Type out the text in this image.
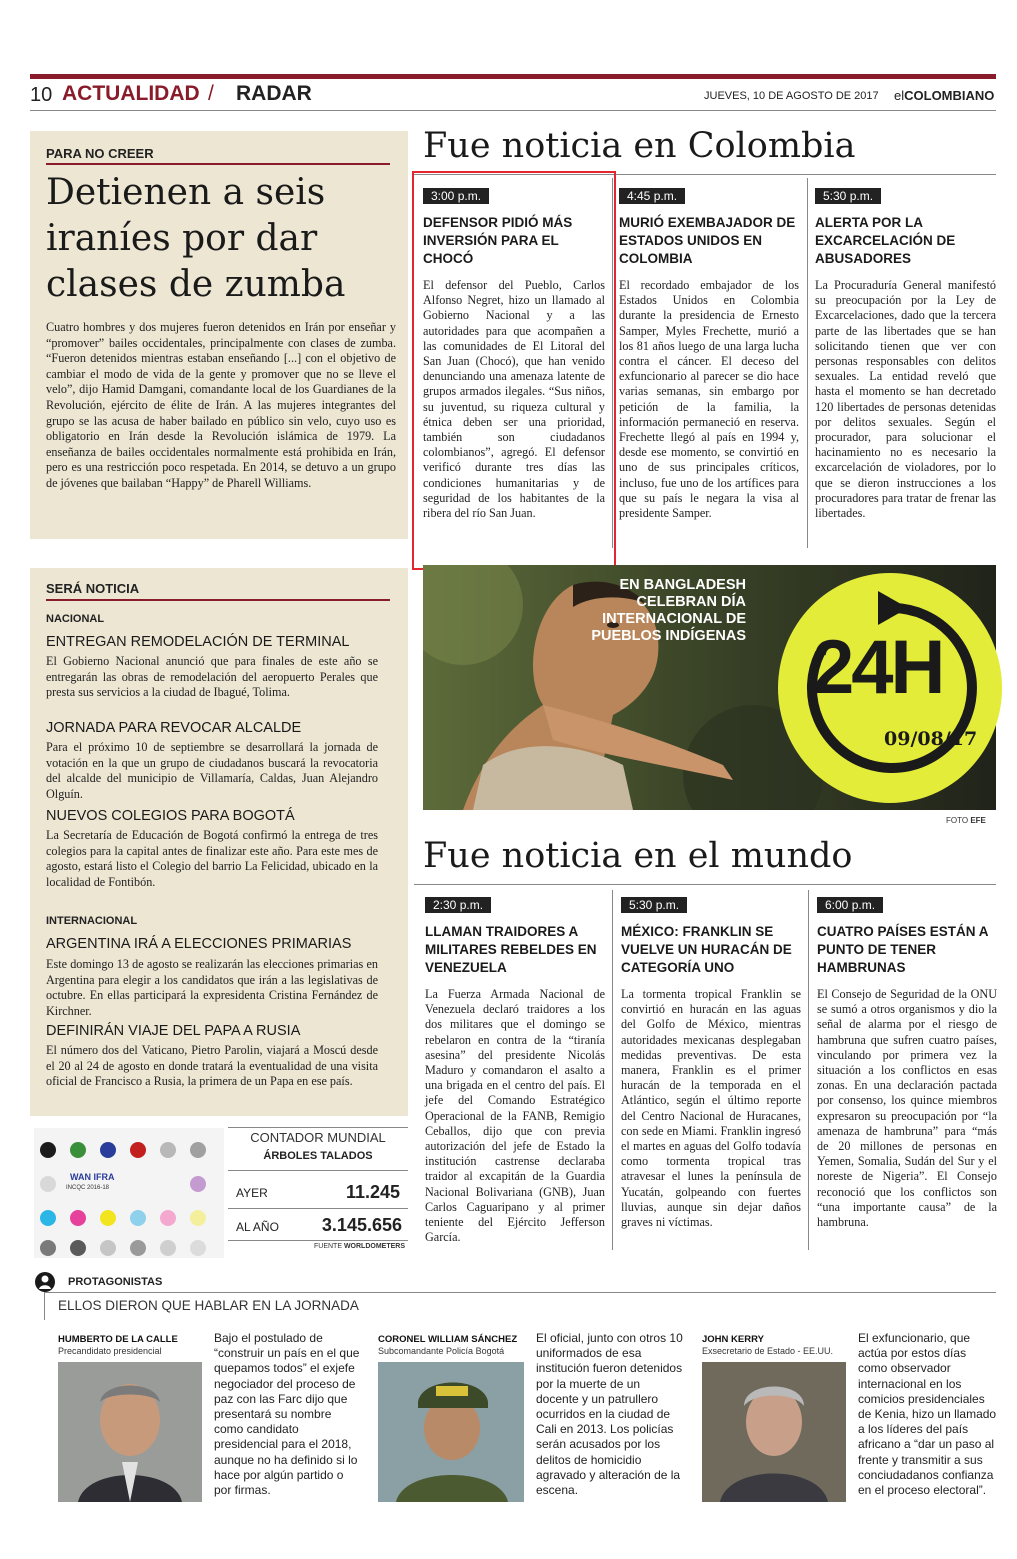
10 ACTUALIDAD / RADAR	JUEVES, 10 DE AGOSTO DE 2017 elCOLOMBIANO
PARA NO CREER
Detienen a seis
iraníes por dar
clases de zumba
Cuatro hombres y dos mujeres fueron detenidos en Irán por enseñar y “promover” bailes occidentales, principalmente con clases de zumba. “Fueron detenidos mientras estaban enseñando [...] con el objetivo de cambiar el modo de vida de la gente y promover que no se lleve el velo”, dijo Hamid Damgani, comandante local de los Guardianes de la Revolución, ejército de élite de Irán. A las mujeres integrantes del grupo se las acusa de haber bailado en público sin velo, cuyo uso es obligatorio en Irán desde la Revolución islámica de 1979. La enseñanza de bailes occidentales normalmente está prohibida en Irán, pero es una restricción poco respetada. En 2014, se detuvo a un grupo de jóvenes que bailaban “Happy” de Pharell Williams.
SERÁ NOTICIA
NACIONAL
ENTREGAN REMODELACIÓN DE TERMINAL
El Gobierno Nacional anunció que para finales de este año se entregarán las obras de remodelación del aeropuerto Perales que presta sus servicios a la ciudad de Ibagué, Tolima.
JORNADA PARA REVOCAR ALCALDE
Para el próximo 10 de septiembre se desarrollará la jornada de votación en la que un grupo de ciudadanos buscará la revocatoria del alcalde del municipio de Villamaría, Caldas, Juan Alejandro Olguín.
NUEVOS COLEGIOS PARA BOGOTÁ
La Secretaría de Educación de Bogotá confirmó la entrega de tres colegios para la capital antes de finalizar este año. Para este mes de agosto, estará listo el Colegio del barrio La Felicidad, ubicado en la localidad de Fontibón.
INTERNACIONAL
ARGENTINA IRÁ A ELECCIONES PRIMARIAS
Este domingo 13 de agosto se realizarán las elecciones primarias en Argentina para elegir a los candidatos que irán a las legislativas de octubre. En ellas participará la expresidenta Cristina Fernández de Kirchner.
DEFINIRÁN VIAJE DEL PAPA A RUSIA
El número dos del Vaticano, Pietro Parolin, viajará a Moscú desde el 20 al 24 de agosto en donde tratará la eventualidad de una visita oficial de Francisco a Rusia, la primera de un Papa en ese país.
Fue noticia en Colombia
3:00 p.m.
DEFENSOR PIDIÓ MÁS INVERSIÓN PARA EL CHOCÓ
El defensor del Pueblo, Carlos Alfonso Negret, hizo un llamado al Gobierno Nacional y a las autoridades para que acompañen a las comunidades de El Litoral del San Juan (Chocó), que han venido denunciando una amenaza latente de grupos armados ilegales. “Sus niños, su juventud, su riqueza cultural y étnica deben ser una prioridad, también son ciudadanos colombianos”, agregó. El defensor verificó durante tres días las condiciones humanitarias y de seguridad de los habitantes de la ribera del río San Juan.
4:45 p.m.
MURIÓ EXEMBAJADOR DE ESTADOS UNIDOS EN COLOMBIA
El recordado embajador de los Estados Unidos en Colombia durante la presidencia de Ernesto Samper, Myles Frechette, murió a los 81 años luego de una larga lucha contra el cáncer. El deceso del exfuncionario al parecer se dio hace varias semanas, sin embargo por petición de la familia, la información permaneció en reserva. Frechette llegó al país en 1994 y, desde ese momento, se convirtió en uno de sus principales críticos, incluso, fue uno de los artífices para que su país le negara la visa al presidente Samper.
5:30 p.m.
ALERTA POR LA EXCARCELACIÓN DE ABUSADORES
La Procuraduría General manifestó su preocupación por la Ley de Excarcelaciones, dado que la tercera parte de las libertades que se han solicitando tienen que ver con personas responsables con delitos sexuales. La entidad reveló que hasta el momento se han decretado 120 libertades de personas detenidas por delitos sexuales. Según el procurador, para solucionar el hacinamiento no es necesario la excarcelación de violadores, por lo que se dieron instrucciones a los procuradores para tratar de frenar las libertades.
EN BANGLADESH
CELEBRAN DÍA
INTERNACIONAL DE
PUEBLOS INDÍGENAS 24H
09/08/17
FOTO EFE
Fue noticia en el mundo
2:30 p.m.
LLAMAN TRAIDORES A MILITARES REBELDES EN VENEZUELA
La Fuerza Armada Nacional de Venezuela declaró traidores a los dos militares que el domingo se rebelaron en contra de la “tiranía asesina” del presidente Nicolás Maduro y comandaron el asalto a una brigada en el centro del país. El jefe del Comando Estratégico Operacional de la FANB, Remigio Ceballos, dijo que con previa autorización del jefe de Estado la institución castrense declaraba traidor al excapitán de la Guardia Nacional Bolivariana (GNB), Juan Carlos Caguaripano y al primer teniente del Ejército Jefferson García.
5:30 p.m.
MÉXICO: FRANKLIN SE VUELVE UN HURACÁN DE CATEGORÍA UNO
La tormenta tropical Franklin se convirtió en huracán en las aguas del Golfo de México, mientras autoridades mexicanas desplegaban medidas preventivas. De esta manera, Franklin es el primer huracán de la temporada en el Atlántico, según el último reporte del Centro Nacional de Huracanes, con sede en Miami. Franklin ingresó el martes en aguas del Golfo todavía como tormenta tropical tras atravesar el lunes la península de Yucatán, golpeando con fuertes lluvias, aunque sin dejar daños graves ni víctimas.
6:00 p.m.
CUATRO PAÍSES ESTÁN A PUNTO DE TENER HAMBRUNAS
El Consejo de Seguridad de la ONU se sumó a otros organismos y dio la señal de alarma por el riesgo de hambruna que sufren cuatro países, vinculando por primera vez la situación a los conflictos en esas zonas. En una declaración pactada por consenso, los quince miembros expresaron su preocupación por “la amenaza de hambruna” para “más de 20 millones de personas en Yemen, Somalia, Sudán del Sur y el noreste de Nigeria”. El Consejo reconoció que los conflictos son “una importante causa” de la hambruna.
WAN IFRA
INCQC 2016-18
CONTADOR MUNDIAL
ÁRBOLES TALADOS
AYER	11.245
AL AÑO	3.145.656
FUENTE WORLDOMETERS
PROTAGONISTAS
ELLOS DIERON QUE HABLAR EN LA JORNADA
HUMBERTO DE LA CALLE
Precandidato presidencial
Bajo el postulado de “construir un país en el que quepamos todos” el exjefe negociador del proceso de paz con las Farc dijo que presentará su nombre como candidato presidencial para el 2018, aunque no ha definido si lo hace por algún partido o por firmas.
CORONEL WILLIAM SÁNCHEZ
Subcomandante Policía Bogotá
El oficial, junto con otros 10 uniformados de esa institución fueron detenidos por la muerte de un docente y un patrullero ocurridos en la ciudad de Cali en 2013. Los policías serán acusados por los delitos de homicidio agravado y alteración de la escena.
JOHN KERRY
Exsecretario de Estado - EE.UU.
El exfuncionario, que actúa por estos días como observador internacional en los comicios presidenciales de Kenia, hizo un llamado a los líderes del país africano a “dar un paso al frente y transmitir a sus conciudadanos confianza en el proceso electoral”.
